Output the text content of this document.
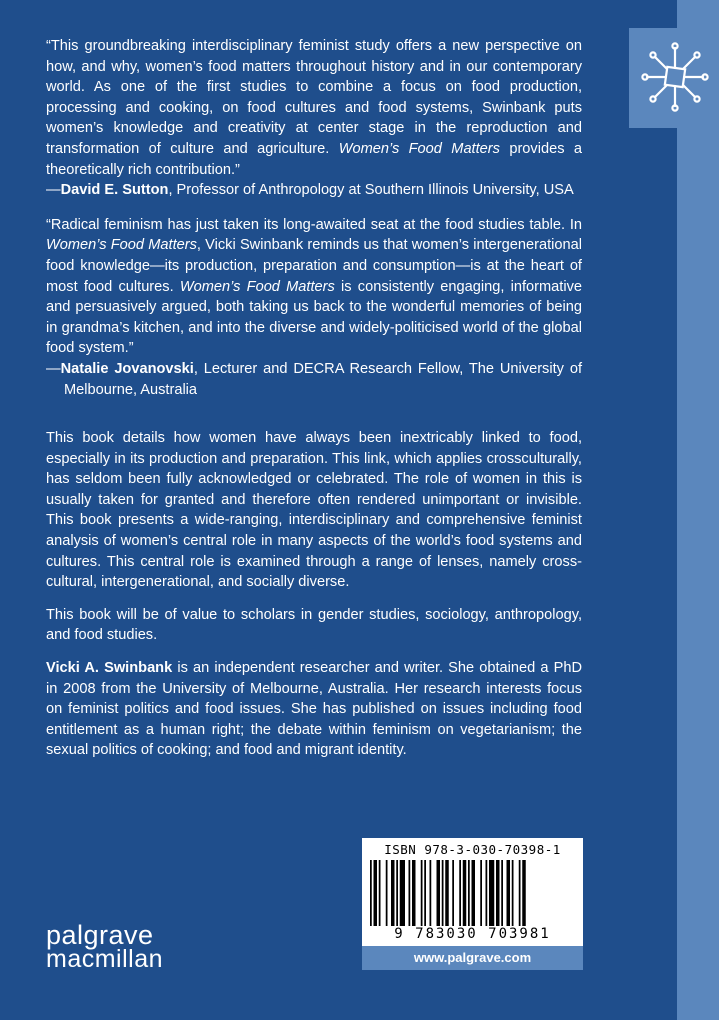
“This groundbreaking interdisciplinary feminist study offers a new perspective on how, and why, women’s food matters throughout history and in our contemporary world. As one of the first studies to combine a focus on food production, processing and cooking, on food cultures and food systems, Swinbank puts women’s knowledge and creativity at center stage in the reproduction and transformation of culture and agriculture. Women’s Food Matters provides a theoretically rich contribution.”

—David E. Sutton, Professor of Anthropology at Southern Illinois University, USA

“Radical feminism has just taken its long-awaited seat at the food studies table. In Women’s Food Matters, Vicki Swinbank reminds us that women’s intergenerational food knowledge—its production, preparation and consumption—is at the heart of most food cultures. Women’s Food Matters is consistently engaging, informative and persuasively argued, both taking us back to the wonderful memories of being in grandma’s kitchen, and into the diverse and widely-politicised world of the global food system.”

—Natalie Jovanovski, Lecturer and DECRA Research Fellow, The University of Melbourne, Australia

This book details how women have always been inextricably linked to food, especially in its production and preparation. This link, which applies crossculturally, has seldom been fully acknowledged or celebrated. The role of women in this is usually taken for granted and therefore often rendered unimportant or invisible. This book presents a wide-ranging, interdisciplinary and comprehensive feminist analysis of women’s central role in many aspects of the world’s food systems and cultures. This central role is examined through a range of lenses, namely cross-cultural, intergenerational, and socially diverse.

This book will be of value to scholars in gender studies, sociology, anthropology, and food studies.

Vicki A. Swinbank is an independent researcher and writer. She obtained a PhD in 2008 from the University of Melbourne, Australia. Her research interests focus on feminist politics and food issues. She has published on issues including food entitlement as a human right; the debate within feminism on vegetarianism; the sexual politics of cooking; and food and migrant identity.

ISBN 978-3-030-70398-1
9 783030 703981
www.palgrave.com
palgrave
macmillan
